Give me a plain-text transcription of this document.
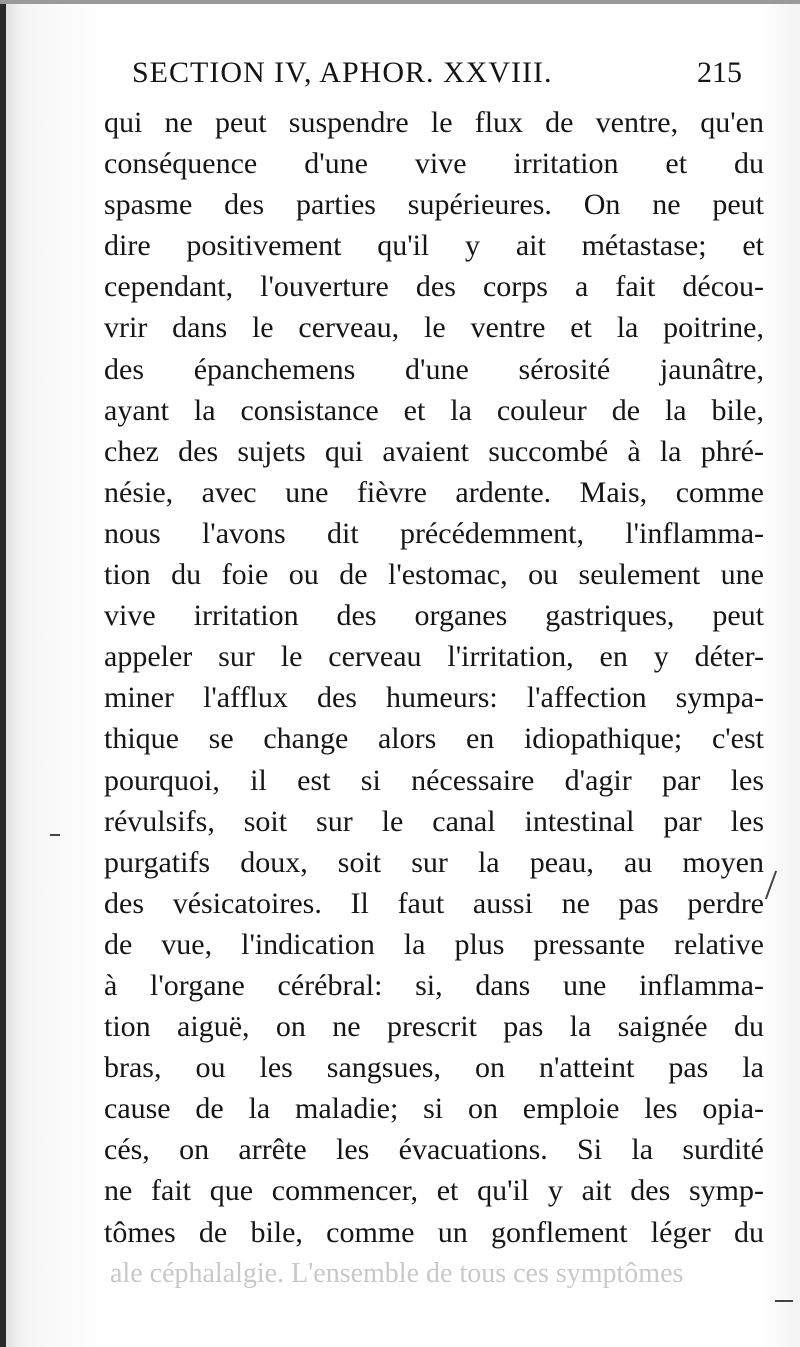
SECTION IV, APHOR. XXVIII.	215
qui ne peut suspendre le flux de ventre, qu'en
conséquence d'une vive irritation et du
spasme des parties supérieures. On ne peut
dire positivement qu'il y ait métastase; et
cependant, l'ouverture des corps a fait décou-
vrir dans le cerveau, le ventre et la poitrine,
des épanchemens d'une sérosité jaunâtre,
ayant la consistance et la couleur de la bile,
chez des sujets qui avaient succombé à la phré-
nésie, avec une fièvre ardente. Mais, comme
nous l'avons dit précédemment, l'inflamma-
tion du foie ou de l'estomac, ou seulement une
vive irritation des organes gastriques, peut
appeler sur le cerveau l'irritation, en y déter-
miner l'afflux des humeurs: l'affection sympa-
thique se change alors en idiopathique; c'est
pourquoi, il est si nécessaire d'agir par les
révulsifs, soit sur le canal intestinal par les
purgatifs doux, soit sur la peau, au moyen
des vésicatoires. Il faut aussi ne pas perdre
de vue, l'indication la plus pressante relative
à l'organe cérébral: si, dans une inflamma-
tion aiguë, on ne prescrit pas la saignée du
bras, ou les sangsues, on n'atteint pas la
cause de la maladie; si on emploie les opia-
cés, on arrête les évacuations. Si la surdité
ne fait que commencer, et qu'il y ait des symp-
tômes de bile, comme un gonflement léger du
ale céphalalgie. L'ensemble de tous ces symptômes
